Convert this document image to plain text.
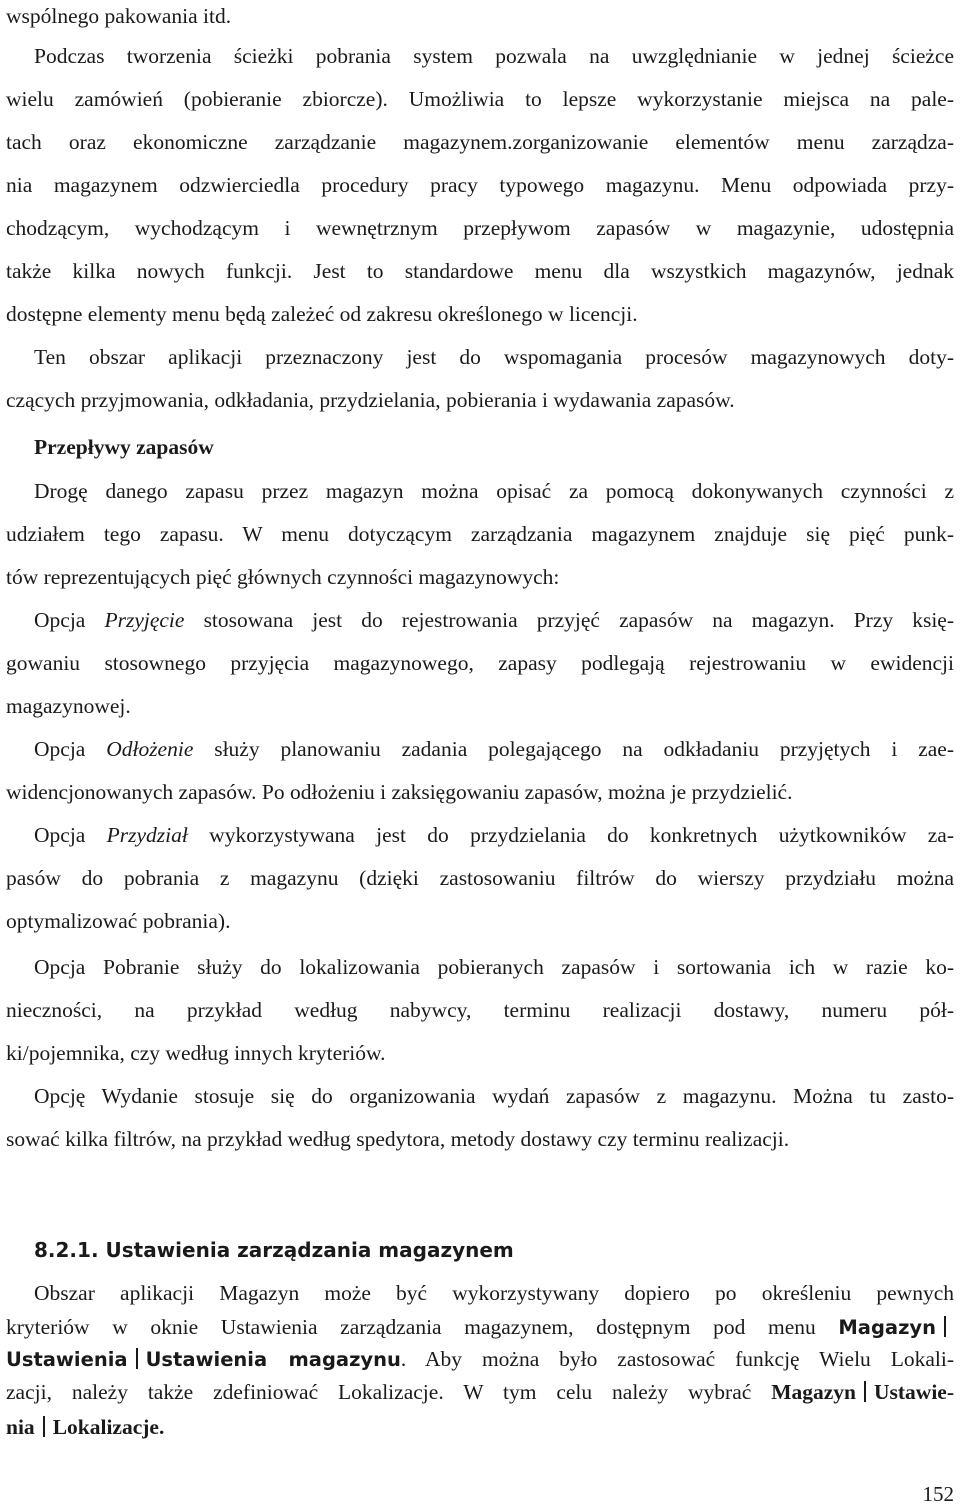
wspólnego pakowania itd.
Podczas tworzenia ścieżki pobrania system pozwala na uwzględnianie w jednej ścieżce
wielu zamówień (pobieranie zbiorcze). Umożliwia to lepsze wykorzystanie miejsca na pale-
tach oraz ekonomiczne zarządzanie magazynem.zorganizowanie elementów menu zarządza-
nia magazynem odzwierciedla procedury pracy typowego magazynu. Menu odpowiada przy-
chodzącym, wychodzącym i wewnętrznym przepływom zapasów w magazynie, udostępnia
także kilka nowych funkcji. Jest to standardowe menu dla wszystkich magazynów, jednak
dostępne elementy menu będą zależeć od zakresu określonego w licencji.
Ten obszar aplikacji przeznaczony jest do wspomagania procesów magazynowych doty-
czących przyjmowania, odkładania, przydzielania, pobierania i wydawania zapasów.
Przepływy zapasów
Drogę danego zapasu przez magazyn można opisać za pomocą dokonywanych czynności z
udziałem tego zapasu. W menu dotyczącym zarządzania magazynem znajduje się pięć punk-
tów reprezentujących pięć głównych czynności magazynowych:
Opcja Przyjęcie stosowana jest do rejestrowania przyjęć zapasów na magazyn. Przy księ-
gowaniu stosownego przyjęcia magazynowego, zapasy podlegają rejestrowaniu w ewidencji
magazynowej.
Opcja Odłożenie służy planowaniu zadania polegającego na odkładaniu przyjętych i zae-
widencjonowanych zapasów. Po odłożeniu i zaksięgowaniu zapasów, można je przydzielić.
Opcja Przydział wykorzystywana jest do przydzielania do konkretnych użytkowników za-
pasów do pobrania z magazynu (dzięki zastosowaniu filtrów do wierszy przydziału można
optymalizować pobrania).
Opcja Pobranie służy do lokalizowania pobieranych zapasów i sortowania ich w razie ko-
nieczności, na przykład według nabywcy, terminu realizacji dostawy, numeru pół-
ki/pojemnika, czy według innych kryteriów.
Opcję Wydanie stosuje się do organizowania wydań zapasów z magazynu. Można tu zasto-
sować kilka filtrów, na przykład według spedytora, metody dostawy czy terminu realizacji.
8.2.1. Ustawienia zarządzania magazynem
Obszar aplikacji Magazyn może być wykorzystywany dopiero po określeniu pewnych
kryteriów w oknie Ustawienia zarządzania magazynem, dostępnym pod menu Magazyn
Ustawienia Ustawienia magazynu. Aby można było zastosować funkcję Wielu Lokali-
zacji, należy także zdefiniować Lokalizacje. W tym celu należy wybrać Magazyn Ustawie-
nia Lokalizacje.
152
